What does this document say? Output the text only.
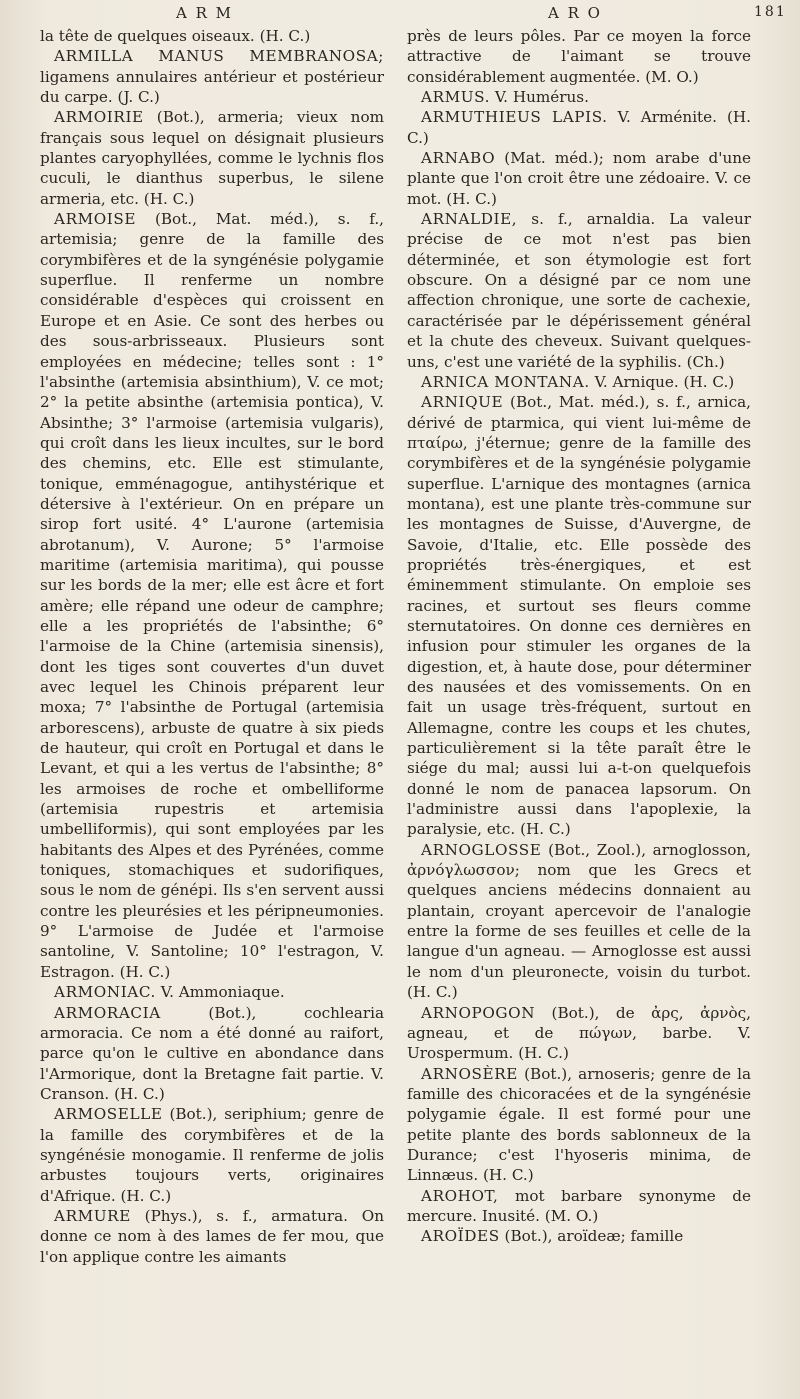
A R M	A R O	181

la tête de quelques oiseaux. (H. C.)

ARMILLA MANUS MEMBRANOSA; ligamens annulaires antérieur et postérieur du carpe. (J. C.)

ARMOIRIE (Bot.), armeria; vieux nom français sous lequel on désignait plusieurs plantes caryophyllées, comme le lychnis flos cuculi, le dianthus superbus, le silene armeria, etc. (H. C.)

ARMOISE (Bot., Mat. méd.), s. f., artemisia; genre de la famille des corymbifères et de la syngénésie polygamie superflue. Il renferme un nombre considérable d'espèces qui croissent en Europe et en Asie. Ce sont des herbes ou des sous-arbrisseaux. Plusieurs sont employées en médecine; telles sont : 1° l'absinthe (artemisia absinthium), V. ce mot; 2° la petite absinthe (artemisia pontica), V. Absinthe; 3° l'armoise (artemisia vulgaris), qui croît dans les lieux incultes, sur le bord des chemins, etc. Elle est stimulante, tonique, emménagogue, antihystérique et détersive à l'extérieur. On en prépare un sirop fort usité. 4° L'aurone (artemisia abrotanum), V. Aurone; 5° l'armoise maritime (artemisia maritima), qui pousse sur les bords de la mer; elle est âcre et fort amère; elle répand une odeur de camphre; elle a les propriétés de l'absinthe; 6° l'armoise de la Chine (artemisia sinensis), dont les tiges sont couvertes d'un duvet avec lequel les Chinois préparent leur moxa; 7° l'absinthe de Portugal (artemisia arborescens), arbuste de quatre à six pieds de hauteur, qui croît en Portugal et dans le Levant, et qui a les vertus de l'absinthe; 8° les armoises de roche et ombelliforme (artemisia rupestris et artemisia umbelliformis), qui sont employées par les habitants des Alpes et des Pyrénées, comme toniques, stomachiques et sudorifiques, sous le nom de génépi. Ils s'en servent aussi contre les pleurésies et les péripneumonies. 9° L'armoise de Judée et l'armoise santoline, V. Santoline; 10° l'estragon, V. Estragon. (H. C.)

ARMONIAC. V. Ammoniaque.

ARMORACIA (Bot.), cochlearia armoracia. Ce nom a été donné au raifort, parce qu'on le cultive en abondance dans l'Armorique, dont la Bretagne fait partie. V. Cranson. (H. C.)

ARMOSELLE (Bot.), seriphium; genre de la famille des corymbifères et de la syngénésie monogamie. Il renferme de jolis arbustes toujours verts, originaires d'Afrique. (H. C.)

ARMURE (Phys.), s. f., armatura. On donne ce nom à des lames de fer mou, que l'on applique contre les aimants

près de leurs pôles. Par ce moyen la force attractive de l'aimant se trouve considérablement augmentée. (M. O.)

ARMUS. V. Humérus.

ARMUTHIEUS LAPIS. V. Arménite. (H. C.)

ARNABO (Mat. méd.); nom arabe d'une plante que l'on croit être une zédoaire. V. ce mot. (H. C.)

ARNALDIE, s. f., arnaldia. La valeur précise de ce mot n'est pas bien déterminée, et son étymologie est fort obscure. On a désigné par ce nom une affection chronique, une sorte de cachexie, caractérisée par le dépérissement général et la chute des cheveux. Suivant quelques-uns, c'est une variété de la syphilis. (Ch.)

ARNICA MONTANA. V. Arnique. (H. C.)

ARNIQUE (Bot., Mat. méd.), s. f., arnica, dérivé de ptarmica, qui vient lui-même de πταίρω, j'éternue; genre de la famille des corymbifères et de la syngénésie polygamie superflue. L'arnique des montagnes (arnica montana), est une plante très-commune sur les montagnes de Suisse, d'Auvergne, de Savoie, d'Italie, etc. Elle possède des propriétés très-énergiques, et est éminemment stimulante. On emploie ses racines, et surtout ses fleurs comme sternutatoires. On donne ces dernières en infusion pour stimuler les organes de la digestion, et, à haute dose, pour déterminer des nausées et des vomissements. On en fait un usage très-fréquent, surtout en Allemagne, contre les coups et les chutes, particulièrement si la tête paraît être le siége du mal; aussi lui a-t-on quelquefois donné le nom de panacea lapsorum. On l'administre aussi dans l'apoplexie, la paralysie, etc. (H. C.)

ARNOGLOSSE (Bot., Zool.), arnoglosson, ἀρνόγλωσσον; nom que les Grecs et quelques anciens médecins donnaient au plantain, croyant apercevoir de l'analogie entre la forme de ses feuilles et celle de la langue d'un agneau. — Arnoglosse est aussi le nom d'un pleuronecte, voisin du turbot. (H. C.)

ARNOPOGON (Bot.), de ἀρς, ἀρνὸς, agneau, et de πώγων, barbe. V. Urospermum. (H. C.)

ARNOSÈRE (Bot.), arnoseris; genre de la famille des chicoracées et de la syngénésie polygamie égale. Il est formé pour une petite plante des bords sablonneux de la Durance; c'est l'hyoseris minima, de Linnæus. (H. C.)

AROHOT, mot barbare synonyme de mercure. Inusité. (M. O.)

AROÏDES (Bot.), aroïdeæ; famille
